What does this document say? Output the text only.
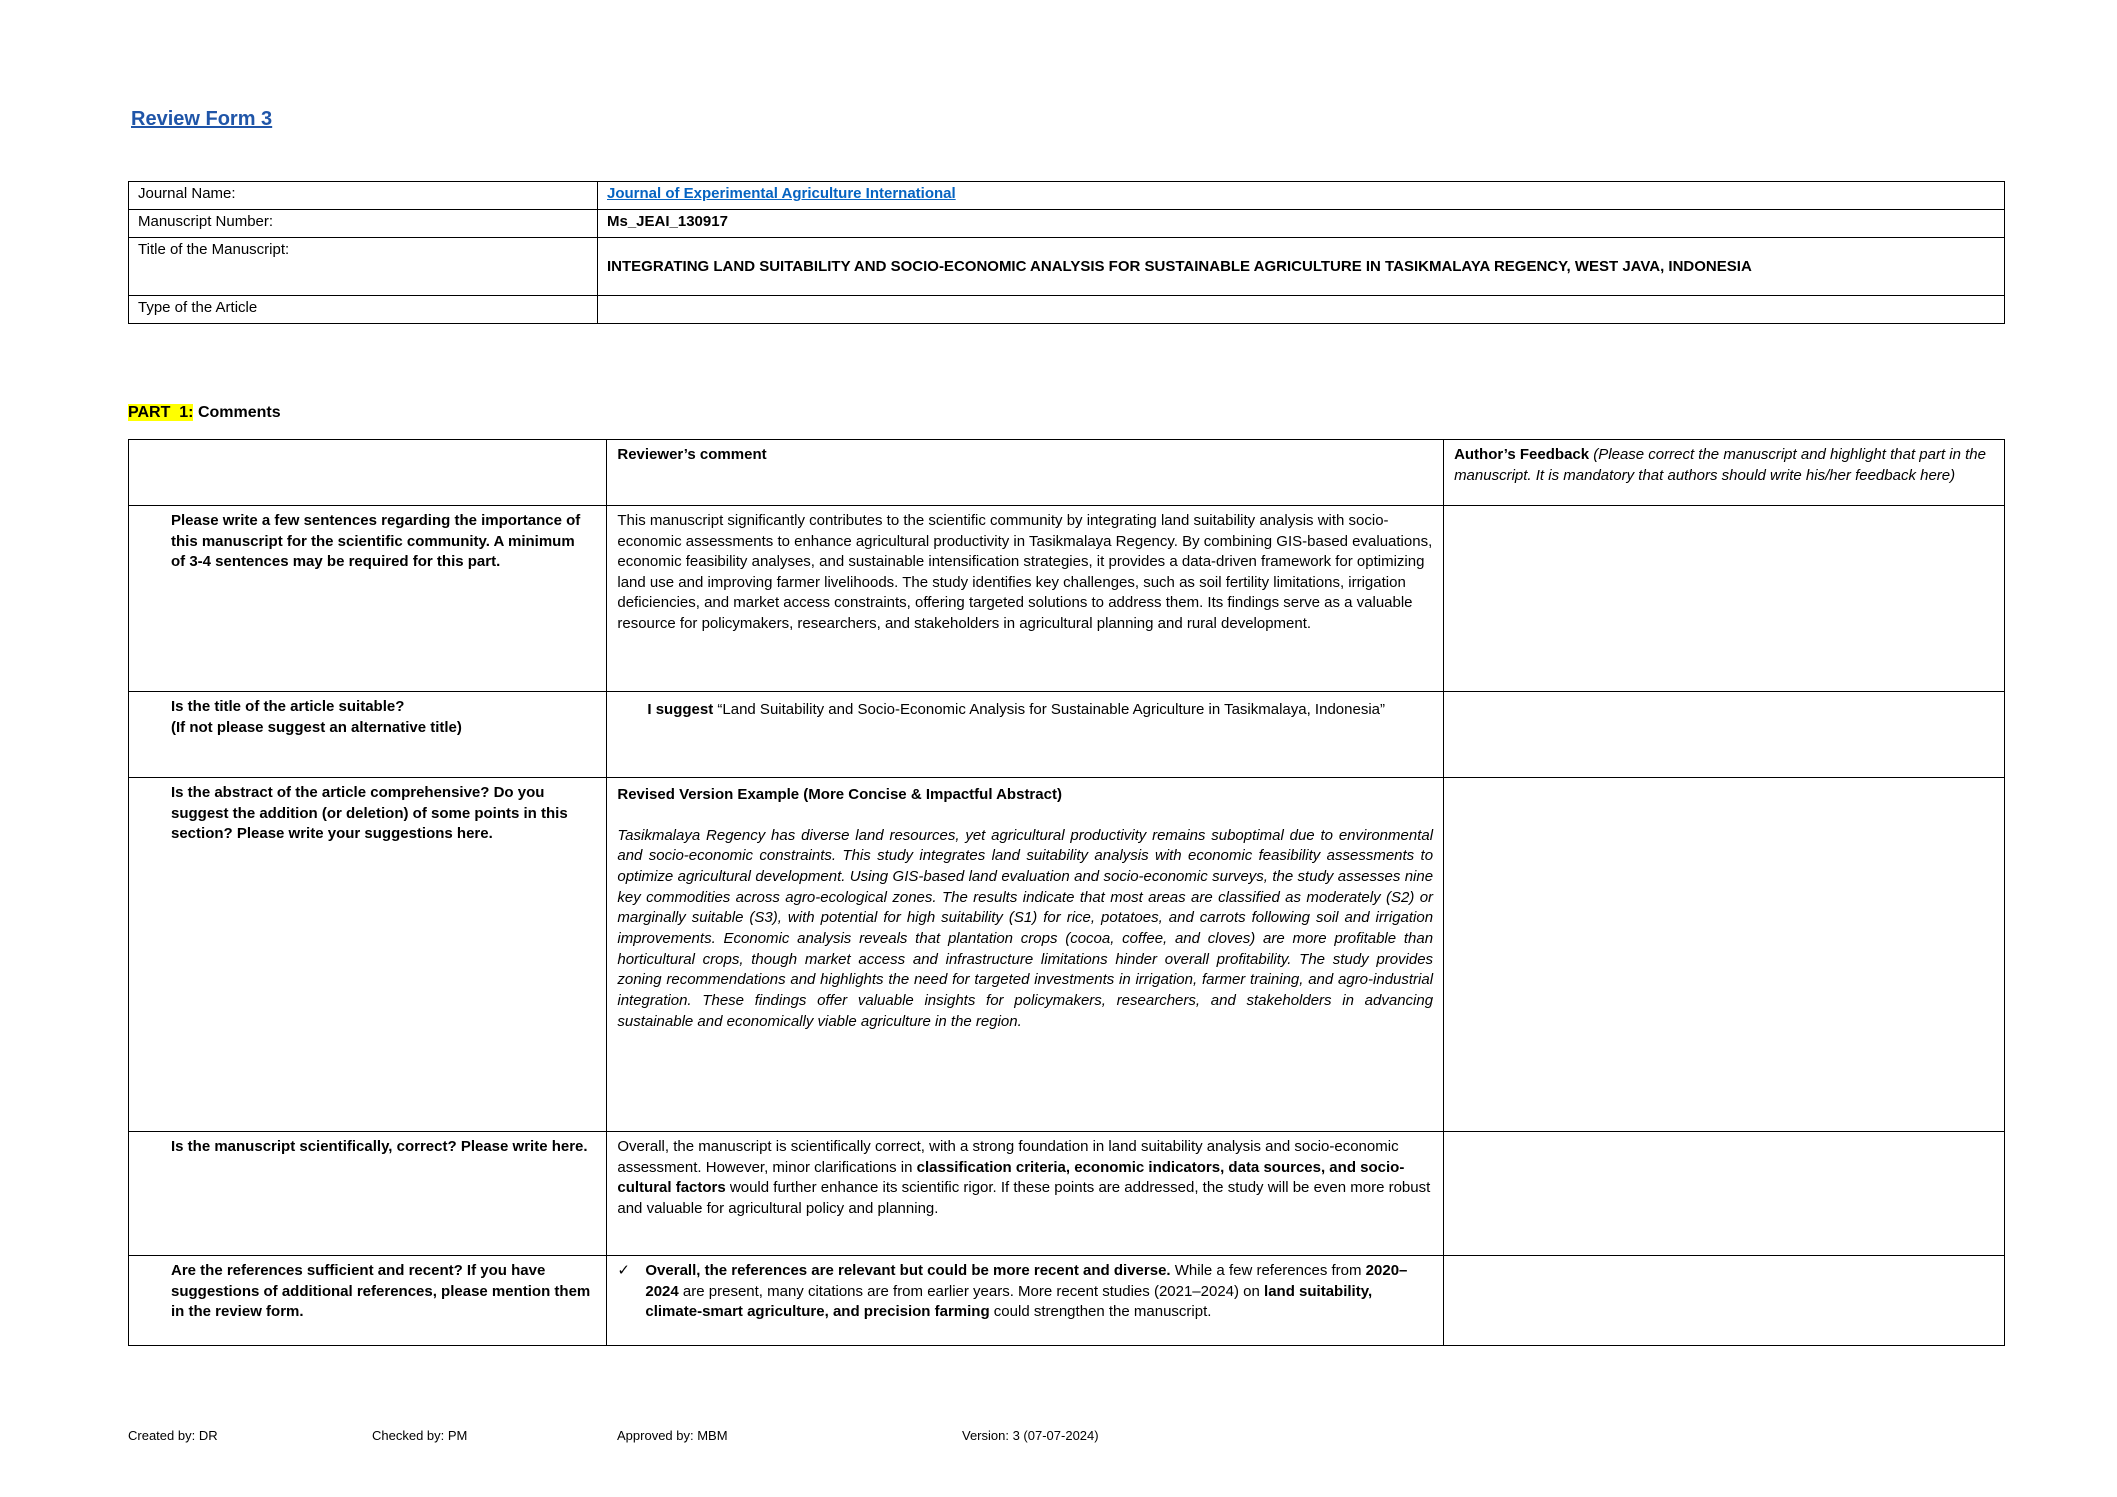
Review Form 3
Journal Name:	Journal of Experimental Agriculture International
Manuscript Number:	Ms_JEAI_130917
Title of the Manuscript:	INTEGRATING LAND SUITABILITY AND SOCIO-ECONOMIC ANALYSIS FOR SUSTAINABLE AGRICULTURE IN TASIKMALAYA REGENCY, WEST JAVA, INDONESIA
Type of the Article	
PART  1: Comments
	Reviewer’s comment	Author’s Feedback (Please correct the manuscript and highlight that part in the manuscript. It is mandatory that authors should write his/her feedback here)
Please write a few sentences regarding the importance of this manuscript for the scientific community. A minimum of 3-4 sentences may be required for this part.	This manuscript significantly contributes to the scientific community by integrating land suitability analysis with socio-economic assessments to enhance agricultural productivity in Tasikmalaya Regency. By combining GIS-based evaluations, economic feasibility analyses, and sustainable intensification strategies, it provides a data-driven framework for optimizing land use and improving farmer livelihoods. The study identifies key challenges, such as soil fertility limitations, irrigation deficiencies, and market access constraints, offering targeted solutions to address them. Its findings serve as a valuable resource for policymakers, researchers, and stakeholders in agricultural planning and rural development.	

Is the title of the article suitable?
(If not please suggest an alternative title)	I suggest “Land Suitability and Socio-Economic Analysis for Sustainable Agriculture in Tasikmalaya, Indonesia”	

Is the abstract of the article comprehensive? Do you suggest the addition (or deletion) of some points in this section? Please write your suggestions here.	Revised Version Example (More Concise & Impactful Abstract)
Tasikmalaya Regency has diverse land resources, yet agricultural productivity remains suboptimal due to environmental and socio-economic constraints. This study integrates land suitability analysis with economic feasibility assessments to optimize agricultural development. Using GIS-based land evaluation and socio-economic surveys, the study assesses nine key commodities across agro-ecological zones. The results indicate that most areas are classified as moderately (S2) or marginally suitable (S3), with potential for high suitability (S1) for rice, potatoes, and carrots following soil and irrigation improvements. Economic analysis reveals that plantation crops (cocoa, coffee, and cloves) are more profitable than horticultural crops, though market access and infrastructure limitations hinder overall profitability. The study provides zoning recommendations and highlights the need for targeted investments in irrigation, farmer training, and agro-industrial integration. These findings offer valuable insights for policymakers, researchers, and stakeholders in advancing sustainable and economically viable agriculture in the region.	

Is the manuscript scientifically, correct? Please write here.	Overall, the manuscript is scientifically correct, with a strong foundation in land suitability analysis and socio-economic assessment. However, minor clarifications in classification criteria, economic indicators, data sources, and socio-cultural factors would further enhance its scientific rigor. If these points are addressed, the study will be even more robust and valuable for agricultural policy and planning.	
Are the references sufficient and recent? If you have suggestions of additional references, please mention them in the review form.	✓ Overall, the references are relevant but could be more recent and diverse. While a few references from 2020–2024 are present, many citations are from earlier years. More recent studies (2021–2024) on land suitability, climate-smart agriculture, and precision farming could strengthen the manuscript.	

Created by: DR	Checked by: PM	Approved by: MBM	Version: 3 (07-07-2024)
